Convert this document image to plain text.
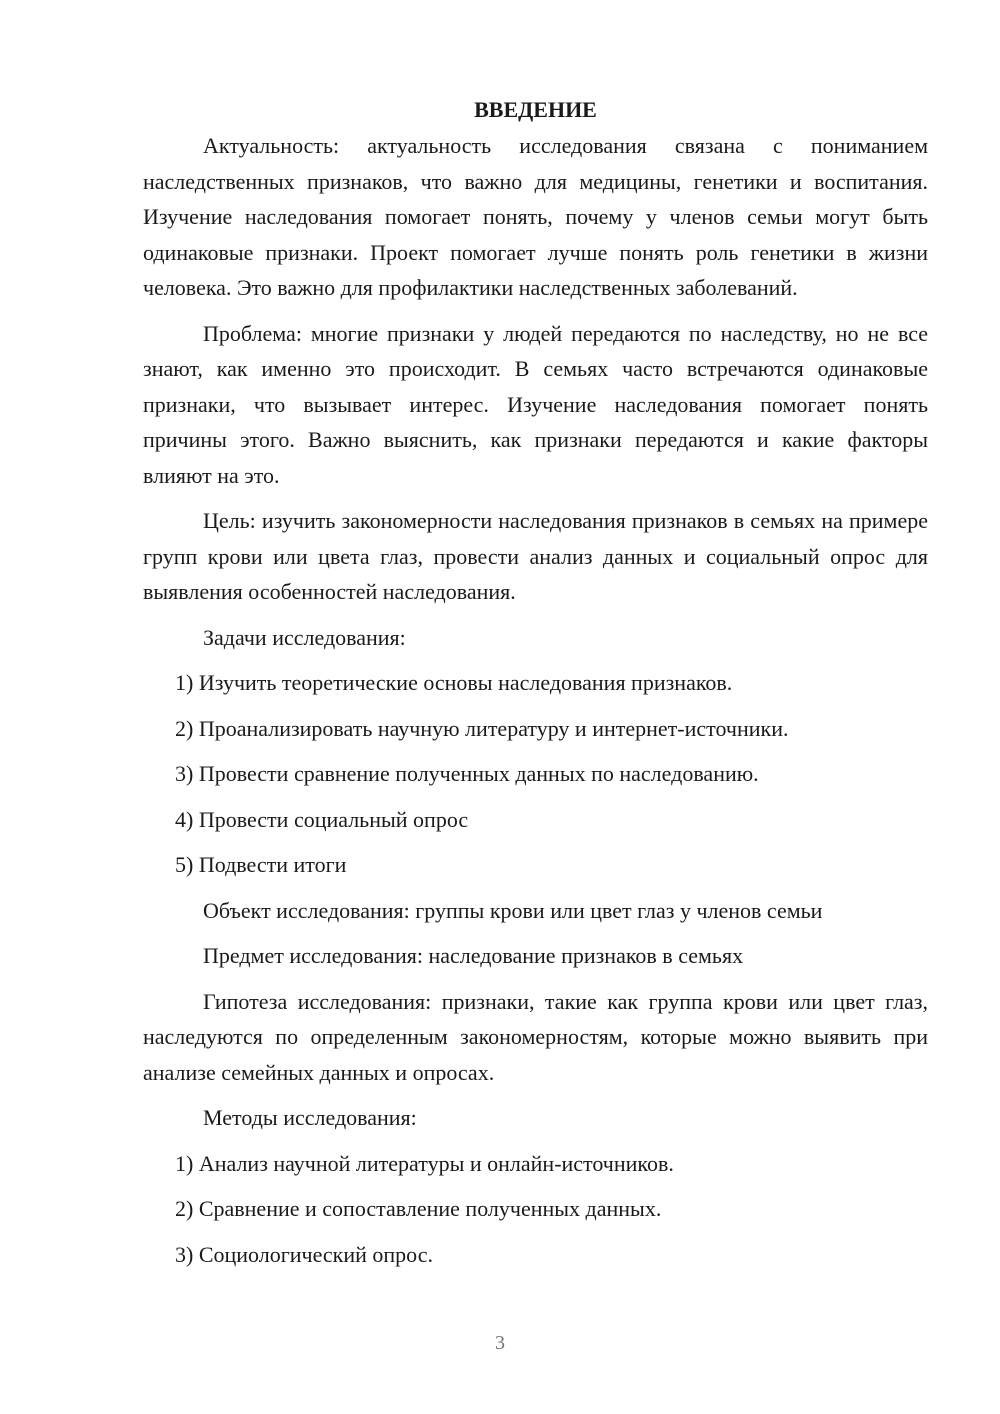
ВВЕДЕНИЕ

Актуальность: актуальность исследования связана с пониманием наследственных признаков, что важно для медицины, генетики и воспитания. Изучение наследования помогает понять, почему у членов семьи могут быть одинаковые признаки. Проект помогает лучше понять роль генетики в жизни человека. Это важно для профилактики наследственных заболеваний.

Проблема: многие признаки у людей передаются по наследству, но не все знают, как именно это происходит. В семьях часто встречаются одинаковые признаки, что вызывает интерес. Изучение наследования помогает понять причины этого. Важно выяснить, как признаки передаются и какие факторы влияют на это.

Цель: изучить закономерности наследования признаков в семьях на примере групп крови или цвета глаз, провести анализ данных и социальный опрос для выявления особенностей наследования.

Задачи исследования:
1) Изучить теоретические основы наследования признаков.
2) Проанализировать научную литературу и интернет-источники.
3) Провести сравнение полученных данных по наследованию.
4) Провести социальный опрос
5) Подвести итоги
Объект исследования: группы крови или цвет глаз у членов семьи
Предмет исследования: наследование признаков в семьях

Гипотеза исследования: признаки, такие как группа крови или цвет глаз, наследуются по определенным закономерностям, которые можно выявить при анализе семейных данных и опросах.

Методы исследования:
1) Анализ научной литературы и онлайн-источников.
2) Сравнение и сопоставление полученных данных.
3) Социологический опрос.
3
